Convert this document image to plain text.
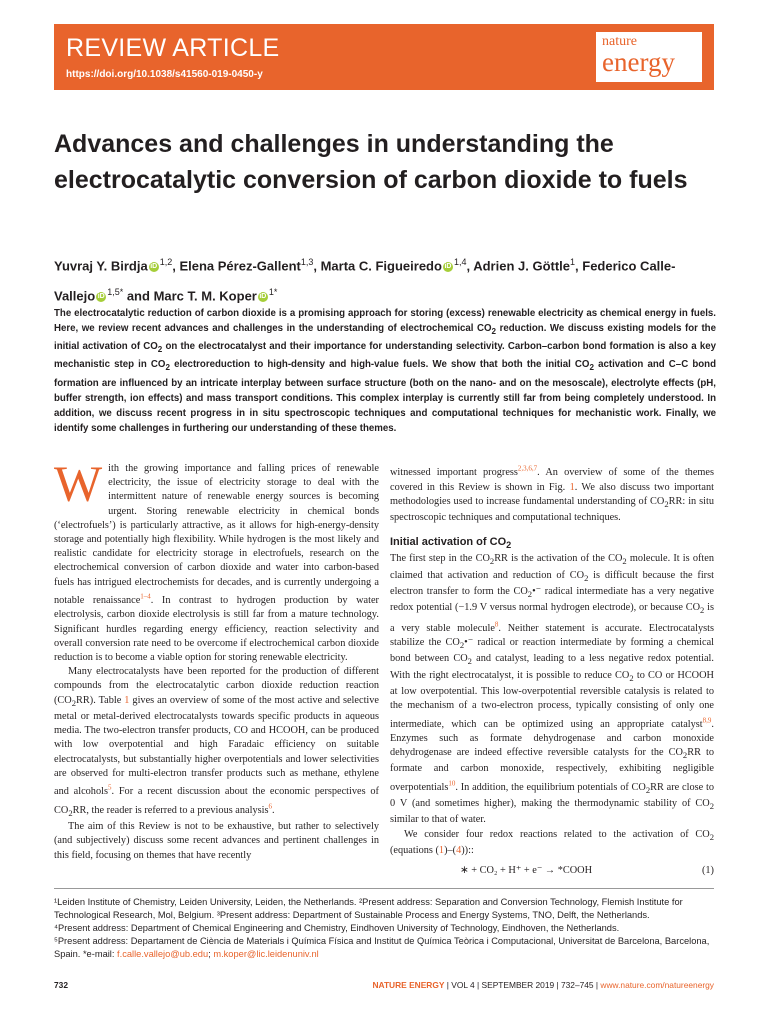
REVIEW ARTICLE
https://doi.org/10.1038/s41560-019-0450-y
nature
energy
Advances and challenges in understanding the electrocatalytic conversion of carbon dioxide to fuels
Yuvraj Y. Birdja iD $^{1,2}$, Elena Pérez-Gallent$^{1,3}$, Marta C. Figueiredo iD $^{1,4}$, Adrien J. Göttle$^1$, Federico Calle-Vallejo iD $^{1,5*}$ and Marc T. M. Koper iD $^{1*}$

The electrocatalytic reduction of carbon dioxide is a promising approach for storing (excess) renewable electricity as chemical energy in fuels. Here, we review recent advances and challenges in the understanding of electrochemical $CO_2$ reduction. We discuss existing models for the initial activation of $CO_2$ on the electrocatalyst and their importance for understanding selectivity. Carbon–carbon bond formation is also a key mechanistic step in $CO_2$ electroreduction to high-density and high-value fuels. We show that both the initial $CO_2$ activation and C–C bond formation are influenced by an intricate interplay between surface structure (both on the nano- and on the mesoscale), electrolyte effects (pH, buffer strength, ion effects) and mass transport conditions. This complex interplay is currently still far from being completely understood. In addition, we discuss recent progress in in situ spectroscopic techniques and computational techniques for mechanistic work. Finally, we identify some challenges in furthering our understanding of these themes.

With the growing importance and falling prices of renewable electricity, the issue of electricity storage to deal with the intermittent nature of renewable energy sources is becoming urgent. Storing renewable electricity in chemical bonds (‘electrofuels’) is particularly attractive, as it allows for high-energy-density storage and potentially high flexibility. While hydrogen is the most likely and realistic candidate for electricity storage in electrofuels, research on the electrochemical conversion of carbon dioxide and water into carbon-based fuels has intrigued electrochemists for decades, and is currently undergoing a notable renaissance$^{1-4}$. In contrast to hydrogen production by water electrolysis, carbon dioxide electrolysis is still far from a mature technology. Significant hurdles regarding energy efficiency, reaction selectivity and overall conversion rate need to be overcome if electrochemical carbon dioxide reduction is to become a viable option for storing renewable electricity.

Many electrocatalysts have been reported for the production of different compounds from the electrocatalytic carbon dioxide reduction reaction $(CO_2RR)$. Table 1 gives an overview of some of the most active and selective metal or metal-derived electrocatalysts towards specific products in aqueous media. The two-electron transfer products, CO and HCOOH, can be produced with low overpotential and high Faradaic efficiency on suitable electrocatalysts, but substantially higher overpotentials and lower selectivities are observed for multi-electron transfer products such as methane, ethylene and alcohols$^5$. For a recent discussion about the economic perspectives of $CO_2RR$, the reader is referred to a previous analysis$^6$.

The aim of this Review is not to be exhaustive, but rather to selectively (and subjectively) discuss some recent advances and pertinent challenges in this field, focusing on themes that have recently

witnessed important progress$^{2,3,6,7}$. An overview of some of the themes covered in this Review is shown in Fig. 1. We also discuss two important methodologies used to increase fundamental understanding of $CO_2RR$: in situ spectroscopic techniques and computational techniques.

Initial activation of $CO_2$

The first step in the $CO_2RR$ is the activation of the $CO_2$ molecule. It is often claimed that activation and reduction of $CO_2$ is difficult because the first electron transfer to form the $CO_2•^-$ radical intermediate has a very negative redox potential (−1.9 V versus normal hydrogen electrode), or because $CO_2$ is a very stable molecule$^8$. Neither statement is accurate. Electrocatalysts stabilize the $CO_2•^-$ radical or reaction intermediate by forming a chemical bond between $CO_2$ and catalyst, leading to a less negative redox potential. With the right electrocatalyst, it is possible to reduce $CO_2$ to CO or HCOOH at low overpotential. This low-overpotential reversible catalysis is related to the mechanism of a two-electron process, typically consisting of only one intermediate, which can be optimized using an appropriate catalyst$^{8,9}$. Enzymes such as formate dehydrogenase and carbon monoxide dehydrogenase are indeed effective reversible catalysts for the $CO_2RR$ to formate and carbon monoxide, respectively, exhibiting negligible overpotentials$^{10}$. In addition, the equilibrium potentials of $CO_2RR$ are close to 0 V (and sometimes higher), making the thermodynamic stability of $CO_2$ similar to that of water.

We consider four redox reactions related to the activation of $CO_2$ (equations (1)–(4))::

∗ + CO₂ + H⁺ + e⁻ → *COOH	(1)

¹Leiden Institute of Chemistry, Leiden University, Leiden, the Netherlands. ²Present address: Separation and Conversion Technology, Flemish Institute for Technological Research, Mol, Belgium. ³Present address: Department of Sustainable Process and Energy Systems, TNO, Delft, the Netherlands.

⁴Present address: Department of Chemical Engineering and Chemistry, Eindhoven University of Technology, Eindhoven, the Netherlands.

⁵Present address: Departament de Ciència de Materials i Química Física and Institut de Química Teòrica i Computacional, Universitat de Barcelona, Barcelona, Spain. *e-mail: f.calle.vallejo@ub.edu; m.koper@lic.leidenuniv.nl

732	NATURE ENERGY | VOL 4 | SEPTEMBER 2019 | 732–745 | www.nature.com/natureenergy
